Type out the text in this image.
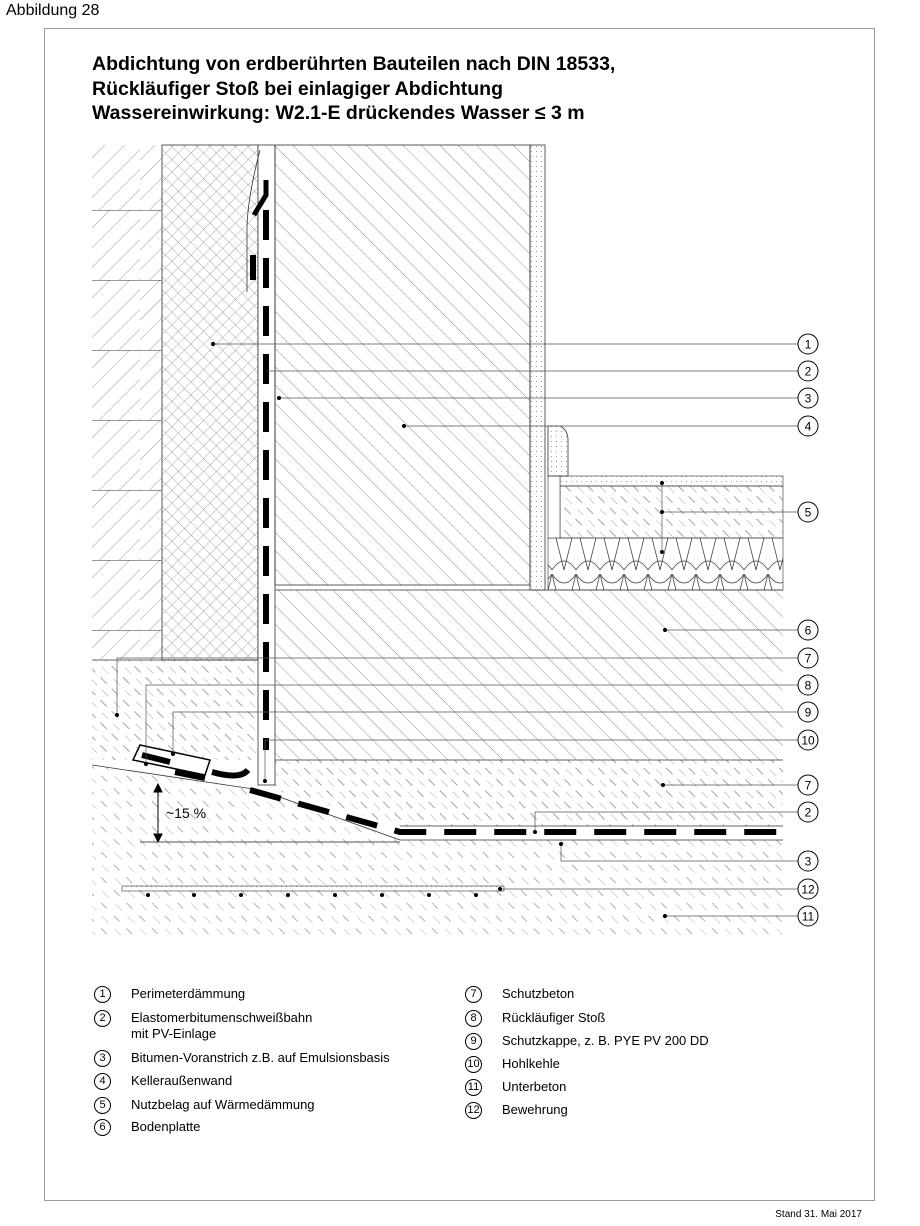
Abbildung 28
Abdichtung von erdberührten Bauteilen nach DIN 18533,
Rückläufiger Stoß bei einlagiger Abdichtung
Wassereinwirkung: W2.1-E drückendes Wasser ≤ 3 m
~15 %
1
2
3
4
5
6
7
8
9
10
7
2
3
12
11
1	Perimeterdämmung
2	Elastomerbitumenschweißbahn
mit PV-Einlage
3	Bitumen-Voranstrich z.B. auf Emulsionsbasis
4	Kelleraußenwand
5	Nutzbelag auf Wärmedämmung
6	Bodenplatte
7	Schutzbeton
8	Rückläufiger Stoß
9	Schutzkappe, z. B. PYE PV 200 DD
10 Hohlkehle
11 Unterbeton
12 Bewehrung
Stand 31. Mai 2017
